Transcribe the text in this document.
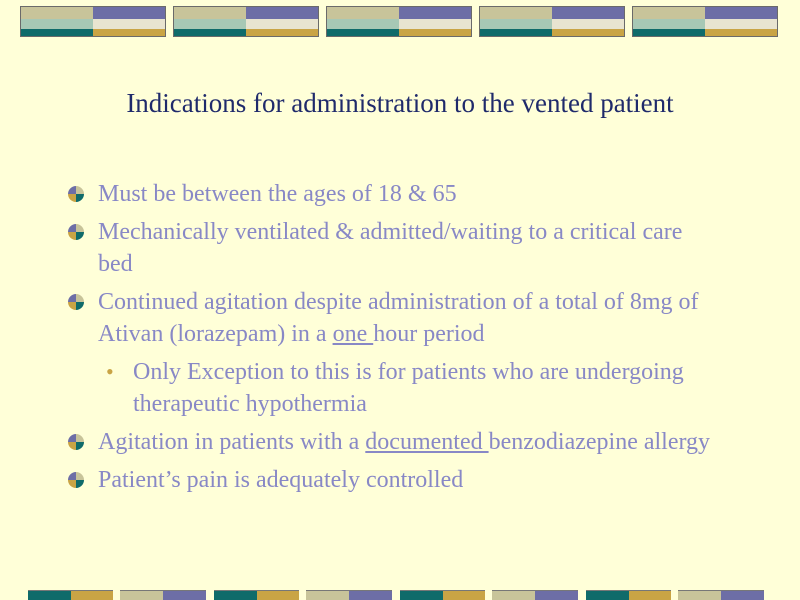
Indications for administration to the vented patient
Must be between the ages of 18 & 65
Mechanically ventilated & admitted/waiting to a critical care bed
Continued agitation despite administration of a total of 8mg of Ativan (lorazepam) in a one hour period
• Only Exception to this is for patients who are undergoing therapeutic hypothermia
Agitation in patients with a documented benzodiazepine allergy
Patient’s pain is adequately controlled
